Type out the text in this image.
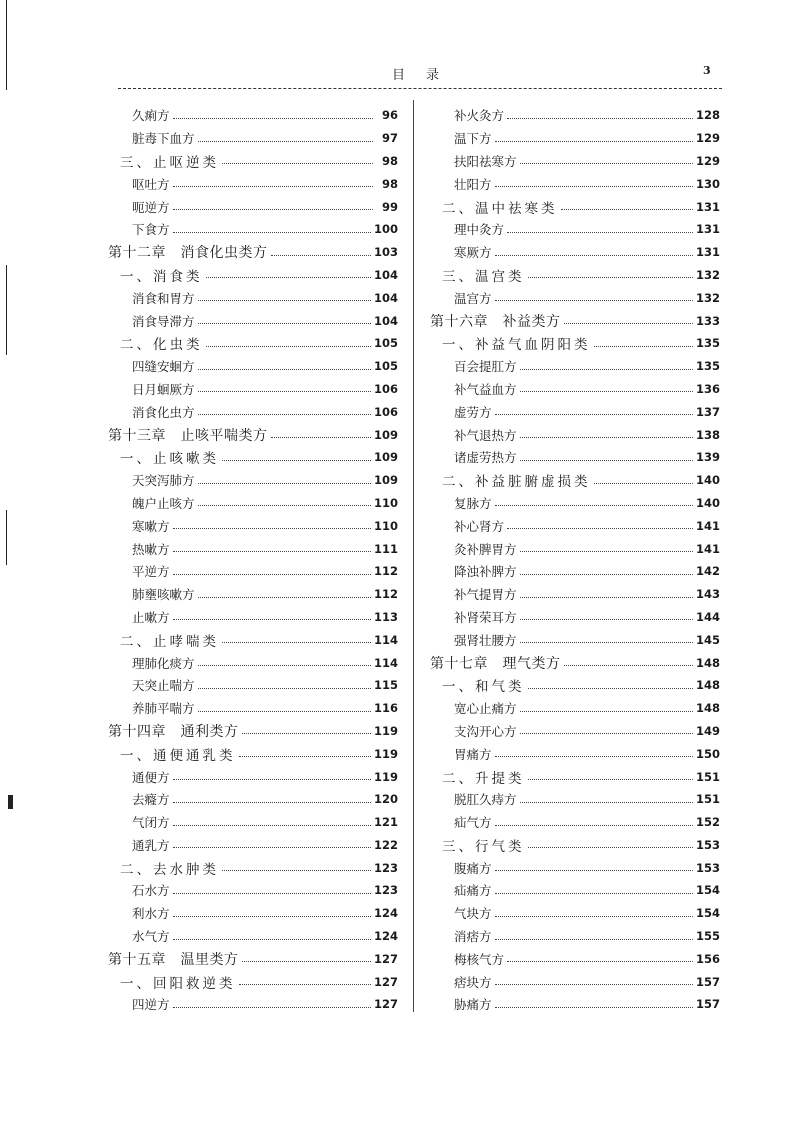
目 录	3
久痢方	96
脏毒下血方	97
三、止呕逆类	98
呕吐方	98
呃逆方	99
下食方	100
第十二章　消食化虫类方	103
一、消食类	104
消食和胃方	104
消食导滞方	104
二、化虫类	105
四缝安蛔方	105
日月蛔厥方	106
消食化虫方	106
第十三章　止咳平喘类方	109
一、止咳嗽类	109
天突泻肺方	109
魄户止咳方	110
寒嗽方	110
热嗽方	111
平逆方	112
肺壅咳嗽方	112
止嗽方	113
二、止哮喘类	114
理肺化痰方	114
天突止喘方	115
养肺平喘方	116
第十四章　通利类方	119
一、通便通乳类	119
通便方	119
去癃方	120
气闭方	121
通乳方	122
二、去水肿类	123
石水方	123
利水方	124
水气方	124
第十五章　温里类方	127
一、回阳救逆类	127
四逆方	127
补火灸方	128
温下方	129
扶阳祛寒方	129
壮阳方	130
二、温中祛寒类	131
理中灸方	131
寒厥方	131
三、温宫类	132
温宫方	132
第十六章　补益类方	133
一、补益气血阴阳类	135
百会提肛方	135
补气益血方	136
虚劳方	137
补气退热方	138
诸虚劳热方	139
二、补益脏腑虚损类	140
复脉方	140
补心肾方	141
灸补脾胃方	141
降浊补脾方	142
补气提胃方	143
补肾荣耳方	144
强肾壮腰方	145
第十七章　理气类方	148
一、和气类	148
宽心止痛方	148
支沟开心方	149
胃痛方	150
二、升提类	151
脱肛久痔方	151
疝气方	152
三、行气类	153
腹痛方	153
疝痛方	154
气块方	154
消痞方	155
梅核气方	156
痞块方	157
胁痛方	157
